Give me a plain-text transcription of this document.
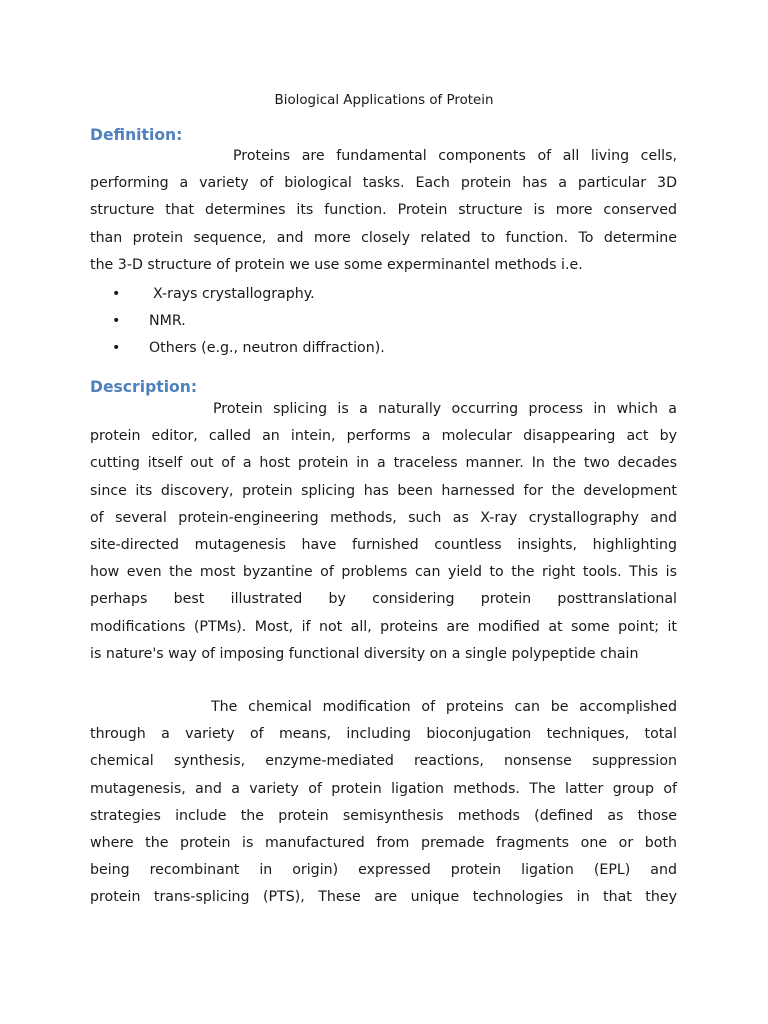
Biological Applications of Protein
Definition:
Proteins are fundamental components of all living cells,
performing a variety of biological tasks. Each protein has a particular 3D
structure that determines its function. Protein structure is more conserved
than protein sequence, and more closely related to function. To determine
the 3-D structure of protein we use some experminantel methods i.e.
• X-rays crystallography.
• NMR.
• Others (e.g., neutron diffraction).
Description:
Protein splicing is a naturally occurring process in which a
protein editor, called an intein, performs a molecular disappearing act by
cutting itself out of a host protein in a traceless manner. In the two decades
since its discovery, protein splicing has been harnessed for the development
of several protein-engineering methods, such as X-ray crystallography and
site-directed mutagenesis have furnished countless insights, highlighting
how even the most byzantine of problems can yield to the right tools. This is
perhaps best illustrated by considering protein posttranslational
modifications (PTMs). Most, if not all, proteins are modified at some point; it
is nature's way of imposing functional diversity on a single polypeptide chain
The chemical modification of proteins can be accomplished
through a variety of means, including bioconjugation techniques, total
chemical synthesis, enzyme-mediated reactions, nonsense suppression
mutagenesis, and a variety of protein ligation methods. The latter group of
strategies include the protein semisynthesis methods (defined as those
where the protein is manufactured from premade fragments one or both
being recombinant in origin) expressed protein ligation (EPL) and
protein trans-splicing (PTS), These are unique technologies in that they
